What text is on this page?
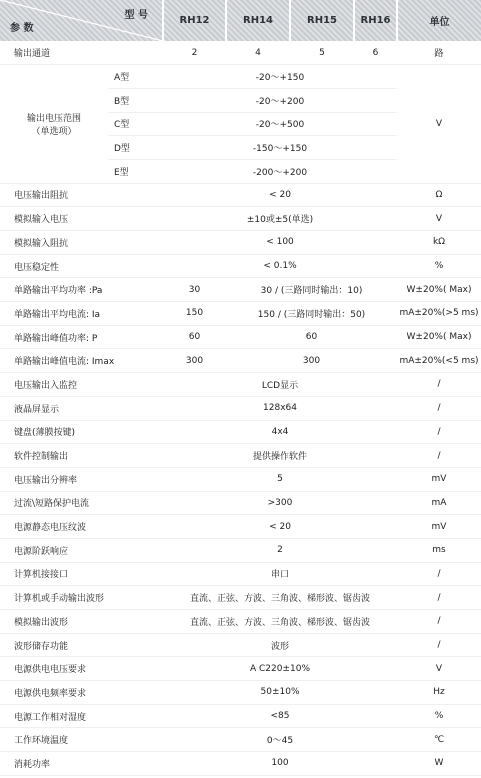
型 号
参 数		RH12	RH14	RH15	RH16	单位
输出通道		2	4	5	6	路

输出电压范围
（单选项）	A型	-20～+150				V
	B型	-20～+200				
	C型	-20～+500				
	D型	-150～+150				
	E型	-200～+200				
电压输出阻抗		< 20				Ω
模拟输入电压		±10或±5(单选)				V
模拟输入阻抗		< 100				kΩ
电压稳定性		< 0.1%				%
单路输出平均功率 :Pa		30	30 / (三路同时输出：10)			W±20%( Max)
单路输出平均电流: Ia		150	150 / (三路同时输出：50)			mA±20%(>5 ms)
单路输出峰值功率: P		60	60			W±20%( Max)
单路输出峰值电流: Imax		300	300			mA±20%(<5 ms)
电压输出入监控		LCD显示				/
液晶屏显示		128x64				/
键盘(薄膜按键)		4x4				/
软件控制输出		提供操作软件				/
电压输出分辨率		5				mV
过流\短路保护电流		>300				mA
电源静态电压纹波		< 20				mV
电源阶跃响应		2				ms
计算机接接口		串口				/
计算机或手动输出波形		直流、正弦、方波、三角波、梯形波、锯齿波				/
模拟输出波形		直流、正弦、方波、三角波、梯形波、锯齿波				/
波形储存功能		波形				/
电源供电电压要求		A C220±10%				V
电源供电频率要求		50±10%				Hz
电源工作相对湿度		<85				%
工作环境温度		0～45				℃
消耗功率		100				W
